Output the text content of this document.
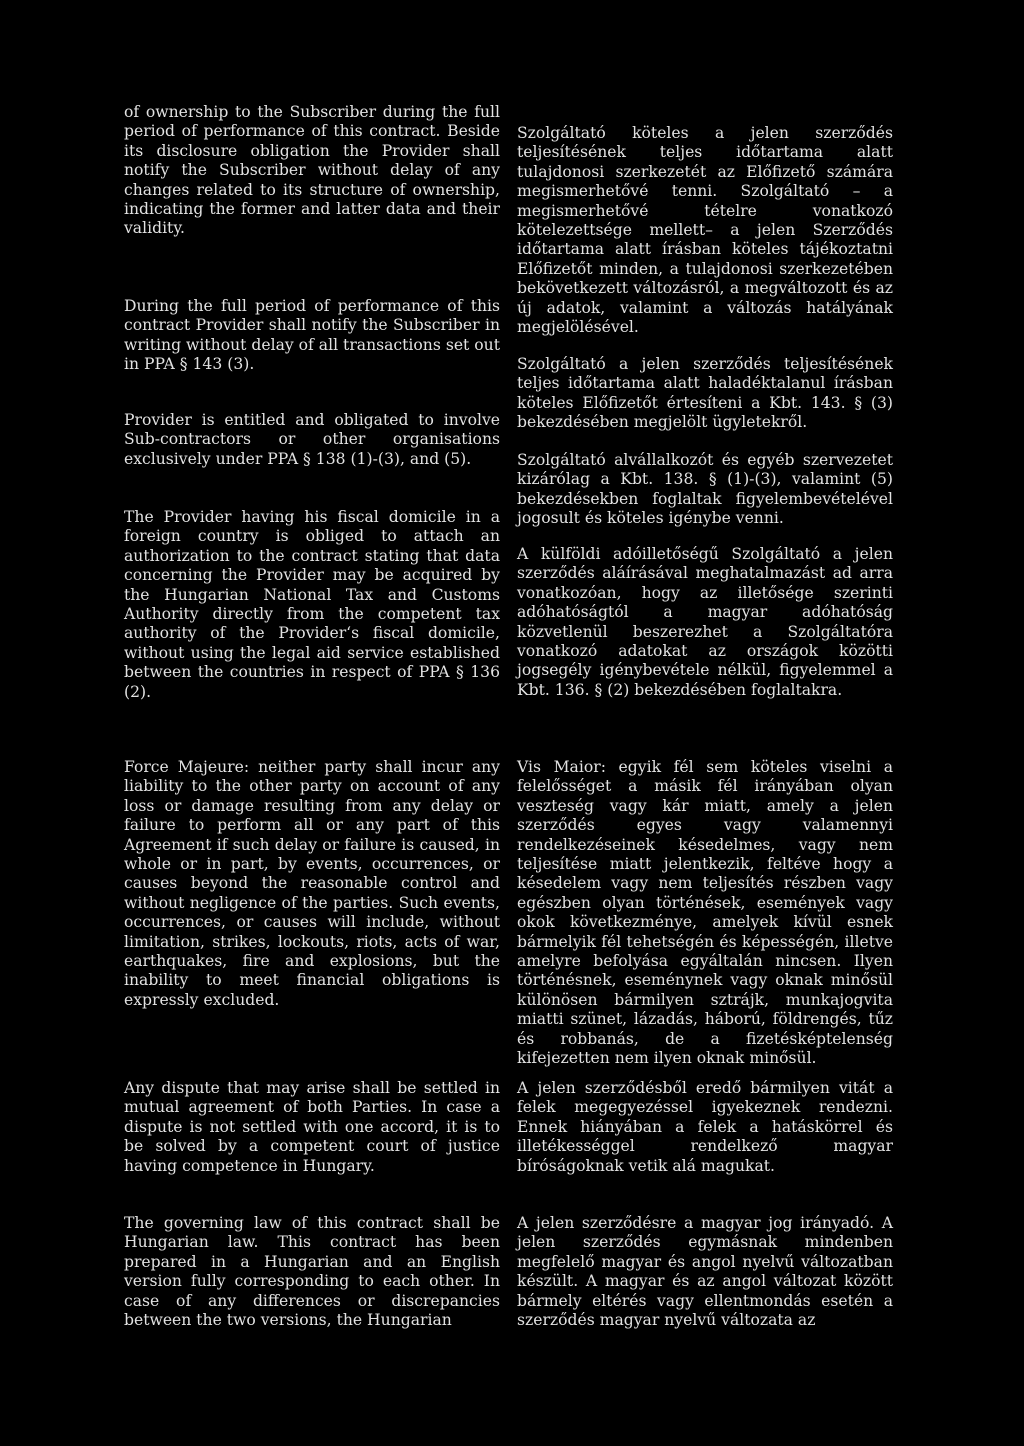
of ownership to the Subscriber during the full period of performance of this contract. Beside its disclosure obligation the Provider shall notify the Subscriber without delay of any changes related to its structure of ownership, indicating the former and latter data and their validity.

During the full period of performance of this contract Provider shall notify the Subscriber in writing without delay of all transactions set out in PPA § 143 (3).

Provider is entitled and obligated to involve Sub-contractors or other organisations exclusively under PPA § 138 (1)-(3), and (5).

The Provider having his fiscal domicile in a foreign country is obliged to attach an authorization to the contract stating that data concerning the Provider may be acquired by the Hungarian National Tax and Customs Authority directly from the competent tax authority of the Provider‘s fiscal domicile, without using the legal aid service established between the countries in respect of PPA § 136 (2).

Force Majeure: neither party shall incur any liability to the other party on account of any loss or damage resulting from any delay or failure to perform all or any part of this Agreement if such delay or failure is caused, in whole or in part, by events, occurrences, or causes beyond the reasonable control and without negligence of the parties. Such events, occurrences, or causes will include, without limitation, strikes, lockouts, riots, acts of war, earthquakes, fire and explosions, but the inability to meet financial obligations is expressly excluded.

Any dispute that may arise shall be settled in mutual agreement of both Parties. In case a dispute is not settled with one accord, it is to be solved by a competent court of justice having competence in Hungary.

The governing law of this contract shall be Hungarian law. This contract has been prepared in a Hungarian and an English version fully corresponding to each other. In case of any differences or discrepancies between the two versions, the Hungarian

Szolgáltató köteles a jelen szerződés teljesítésének teljes időtartama alatt tulajdonosi szerkezetét az Előfizető számára megismerhetővé tenni. Szolgáltató – a megismerhetővé tételre vonatkozó kötelezettsége mellett– a jelen Szerződés időtartama alatt írásban köteles tájékoztatni Előfizetőt minden, a tulajdonosi szerkezetében bekövetkezett változásról, a megváltozott és az új adatok, valamint a változás hatályának megjelölésével.

Szolgáltató a jelen szerződés teljesítésének teljes időtartama alatt haladéktalanul írásban köteles Előfizetőt értesíteni a Kbt. 143. § (3) bekezdésében megjelölt ügyletekről.

Szolgáltató alvállalkozót és egyéb szervezetet kizárólag a Kbt. 138. § (1)-(3), valamint (5) bekezdésekben foglaltak figyelembevételével jogosult és köteles igénybe venni.

A külföldi adóilletőségű Szolgáltató a jelen szerződés aláírásával meghatalmazást ad arra vonatkozóan, hogy az illetősége szerinti adóhatóságtól a magyar adóhatóság közvetlenül beszerezhet a Szolgáltatóra vonatkozó adatokat az országok közötti jogsegély igénybevétele nélkül, figyelemmel a Kbt. 136. § (2) bekezdésében foglaltakra.

Vis Maior: egyik fél sem köteles viselni a felelősséget a másik fél irányában olyan veszteség vagy kár miatt, amely a jelen szerződés egyes vagy valamennyi rendelkezéseinek késedelmes, vagy nem teljesítése miatt jelentkezik, feltéve hogy a késedelem vagy nem teljesítés részben vagy egészben olyan történések, események vagy okok következménye, amelyek kívül esnek bármelyik fél tehetségén és képességén, illetve amelyre befolyása egyáltalán nincsen. Ilyen történésnek, eseménynek vagy oknak minősül különösen bármilyen sztrájk, munkajogvita miatti szünet, lázadás, háború, földrengés, tűz és robbanás, de a fizetésképtelenség kifejezetten nem ilyen oknak minősül.

A jelen szerződésből eredő bármilyen vitát a felek megegyezéssel igyekeznek rendezni. Ennek hiányában a felek a hatáskörrel és illetékességgel rendelkező magyar bíróságoknak vetik alá magukat.

A jelen szerződésre a magyar jog irányadó. A jelen szerződés egymásnak mindenben megfelelő magyar és angol nyelvű változatban készült. A magyar és az angol változat között bármely eltérés vagy ellentmondás esetén a szerződés magyar nyelvű változata az
